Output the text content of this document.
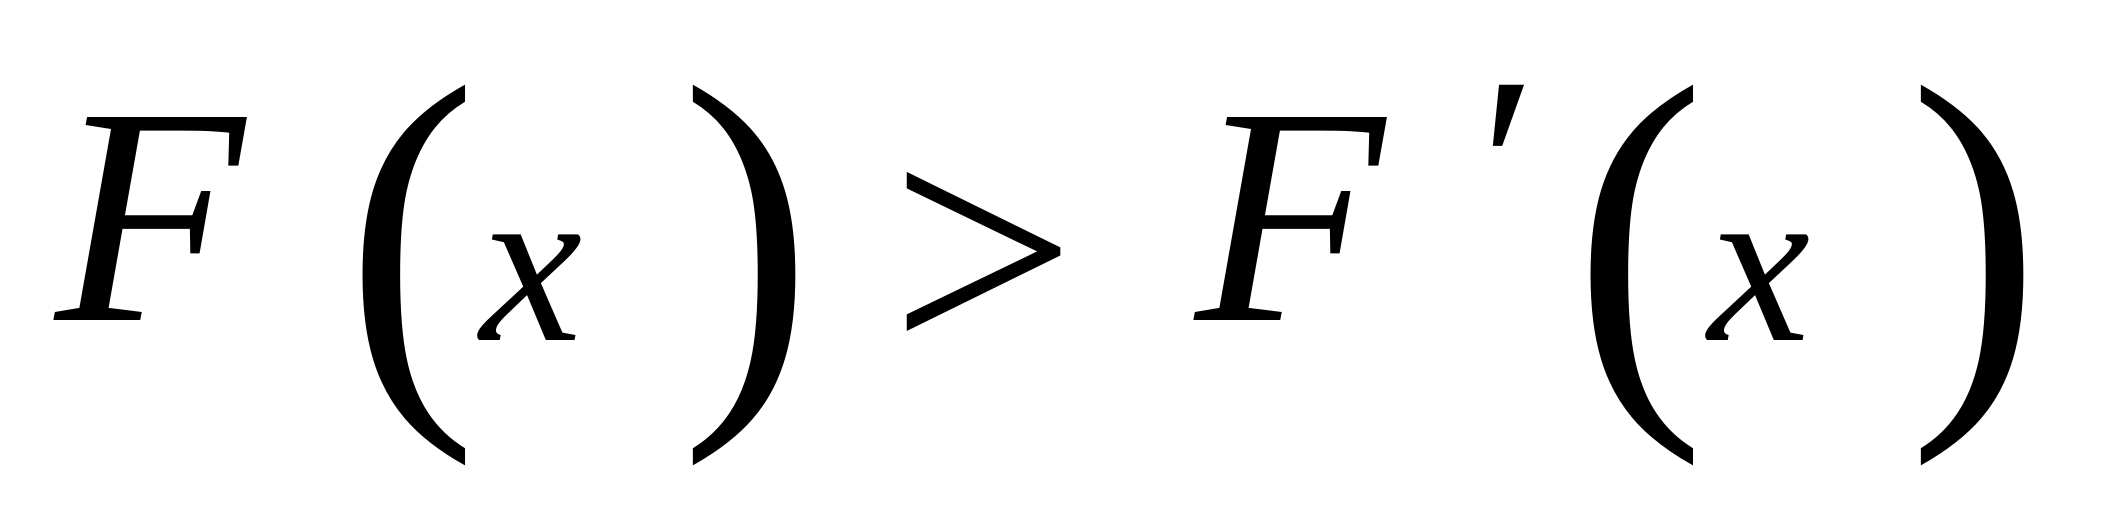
F ( x ) > F ′ ( x )
